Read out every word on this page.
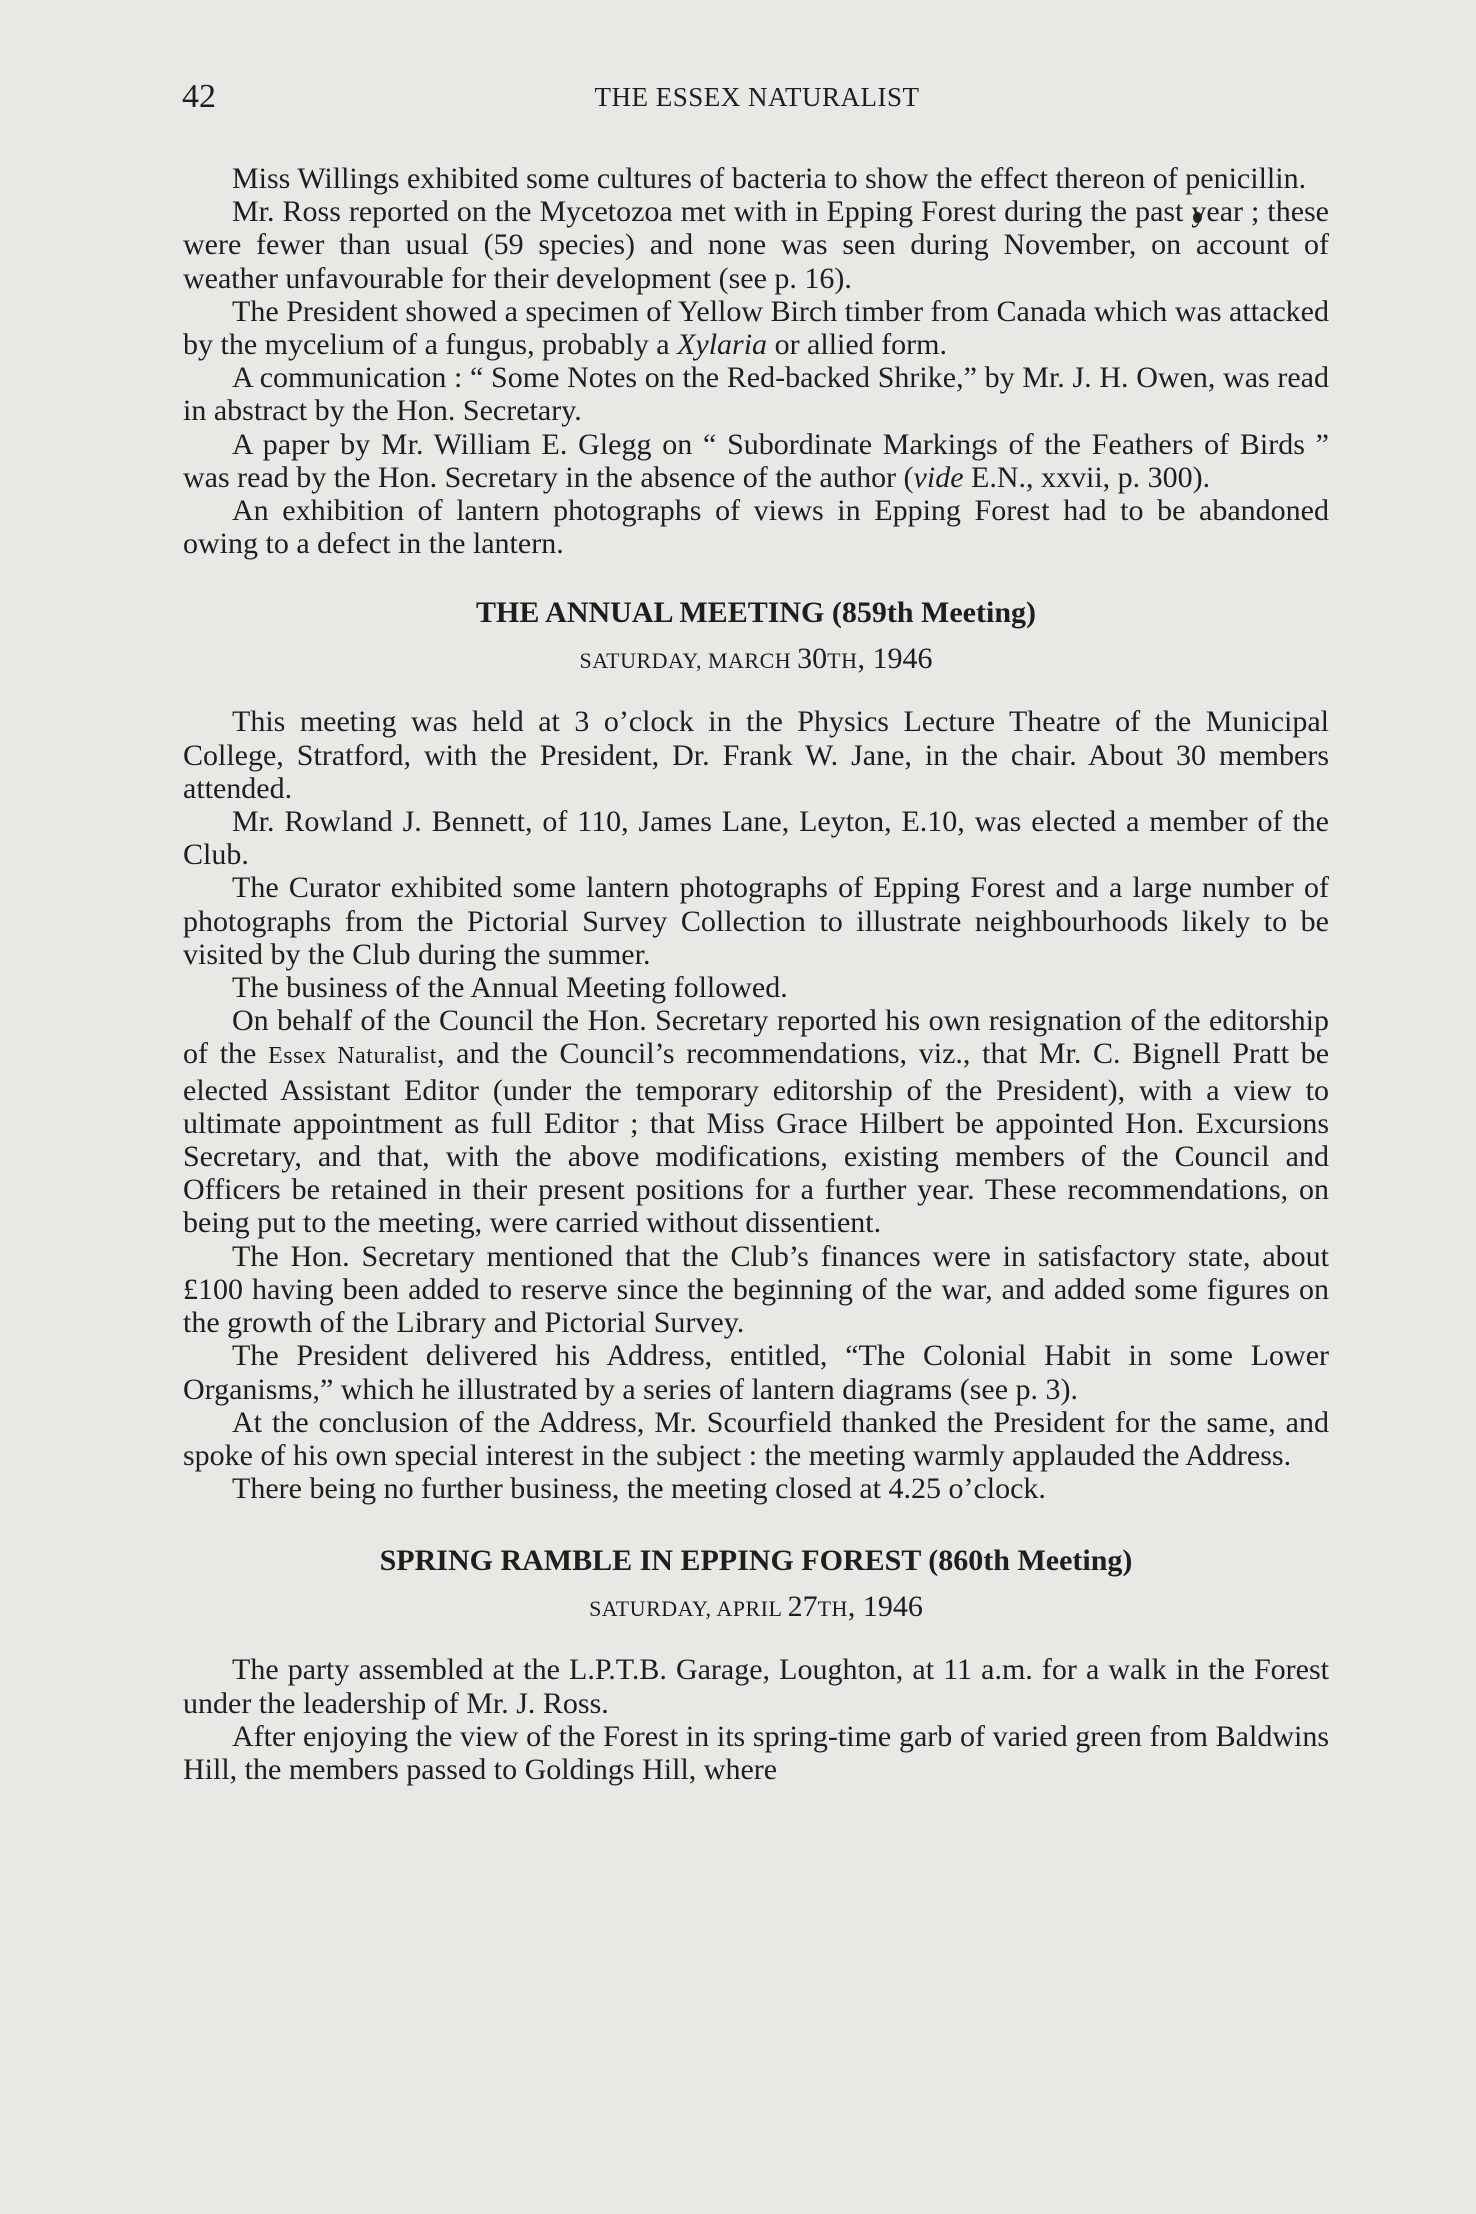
42	THE ESSEX NATURALIST

Miss Willings exhibited some cultures of bacteria to show the effect thereon of penicillin.

Mr. Ross reported on the Mycetozoa met with in Epping Forest during the past year ; these were fewer than usual (59 species) and none was seen during November, on account of weather unfavourable for their development (see p. 16).

The President showed a specimen of Yellow Birch timber from Canada which was attacked by the mycelium of a fungus, probably a Xylaria or allied form.

A communication : “ Some Notes on the Red-backed Shrike,” by Mr. J. H. Owen, was read in abstract by the Hon. Secretary.

A paper by Mr. William E. Glegg on “ Subordinate Markings of the Feathers of Birds ” was read by the Hon. Secretary in the absence of the author (vide E.N., xxvii, p. 300).

An exhibition of lantern photographs of views in Epping Forest had to be abandoned owing to a defect in the lantern.

THE ANNUAL MEETING (859th Meeting)
SATURDAY, MARCH 30TH, 1946

This meeting was held at 3 o’clock in the Physics Lecture Theatre of the Municipal College, Stratford, with the President, Dr. Frank W. Jane, in the chair. About 30 members attended.

Mr. Rowland J. Bennett, of 110, James Lane, Leyton, E.10, was elected a member of the Club.

The Curator exhibited some lantern photographs of Epping Forest and a large number of photographs from the Pictorial Survey Collection to illustrate neighbourhoods likely to be visited by the Club during the summer.

The business of the Annual Meeting followed.

On behalf of the Council the Hon. Secretary reported his own resignation of the editorship of the Essex Naturalist, and the Council’s recommendations, viz., that Mr. C. Bignell Pratt be elected Assistant Editor (under the temporary editorship of the President), with a view to ultimate appointment as full Editor ; that Miss Grace Hilbert be appointed Hon. Excursions Secretary, and that, with the above modifications, existing members of the Council and Officers be retained in their present positions for a further year. These recommendations, on being put to the meeting, were carried without dissentient.

The Hon. Secretary mentioned that the Club’s finances were in satisfactory state, about £100 having been added to reserve since the beginning of the war, and added some figures on the growth of the Library and Pictorial Survey.

The President delivered his Address, entitled, “The Colonial Habit in some Lower Organisms,” which he illustrated by a series of lantern diagrams (see p. 3).

At the conclusion of the Address, Mr. Scourfield thanked the President for the same, and spoke of his own special interest in the subject : the meeting warmly applauded the Address.

There being no further business, the meeting closed at 4.25 o’clock.

SPRING RAMBLE IN EPPING FOREST (860th Meeting)
SATURDAY, APRIL 27TH, 1946

The party assembled at the L.P.T.B. Garage, Loughton, at 11 a.m. for a walk in the Forest under the leadership of Mr. J. Ross.

After enjoying the view of the Forest in its spring-time garb of varied green from Baldwins Hill, the members passed to Goldings Hill, where
